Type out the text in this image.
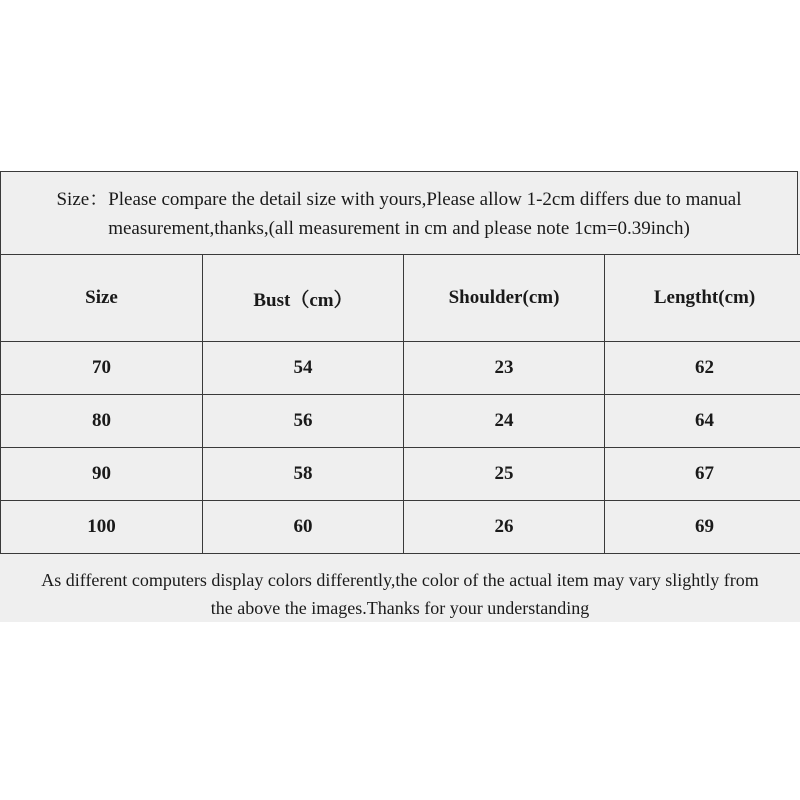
Size：Please compare the detail size with yours,Please allow 1-2cm differs due to manual
measurement,thanks,(all measurement in cm and please note 1cm=0.39inch)
Size	Bust（cm）	Shoulder(cm)	Lengtht(cm)
70	54	23	62
80	56	24	64
90	58	25	67
100	60	26	69
As different computers display colors differently,the color of the actual item may vary slightly from
the above the images.Thanks for your understanding
